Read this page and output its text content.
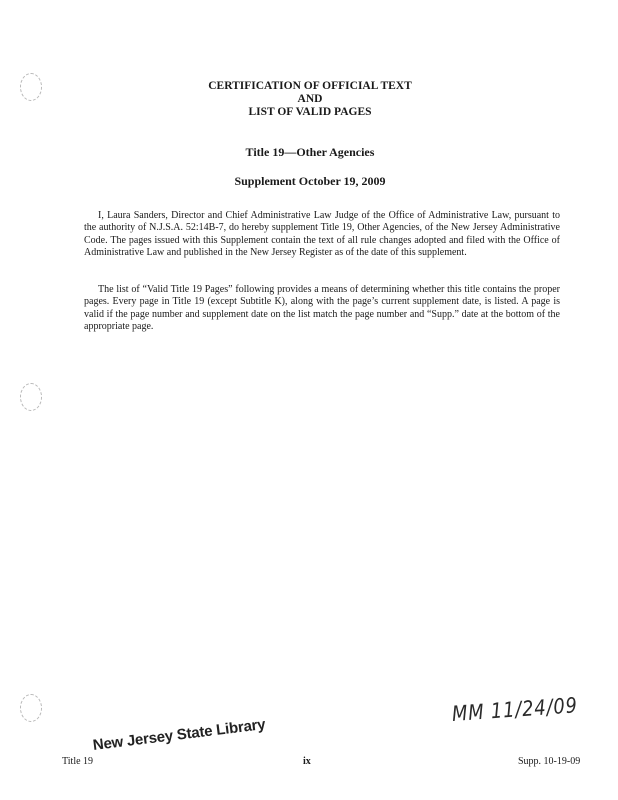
CERTIFICATION OF OFFICIAL TEXT
AND
LIST OF VALID PAGES
Title 19—Other Agencies
Supplement October 19, 2009

I, Laura Sanders, Director and Chief Administrative Law Judge of the Office of Administrative Law, pursuant to the authority of N.J.S.A. 52:14B-7, do hereby supplement Title 19, Other Agencies, of the New Jersey Administrative Code. The pages issued with this Supplement contain the text of all rule changes adopted and filed with the Office of Administrative Law and published in the New Jersey Register as of the date of this supplement.

The list of “Valid Title 19 Pages” following provides a means of determining whether this title contains the proper pages. Every page in Title 19 (except Subtitle K), along with the page’s current supplement date, is listed. A page is valid if the page number and supplement date on the list match the page number and “Supp.” date at the bottom of the appropriate page.

MM 11/24/09
Title 19
New Jersey State Library
ix	Supp. 10-19-09
